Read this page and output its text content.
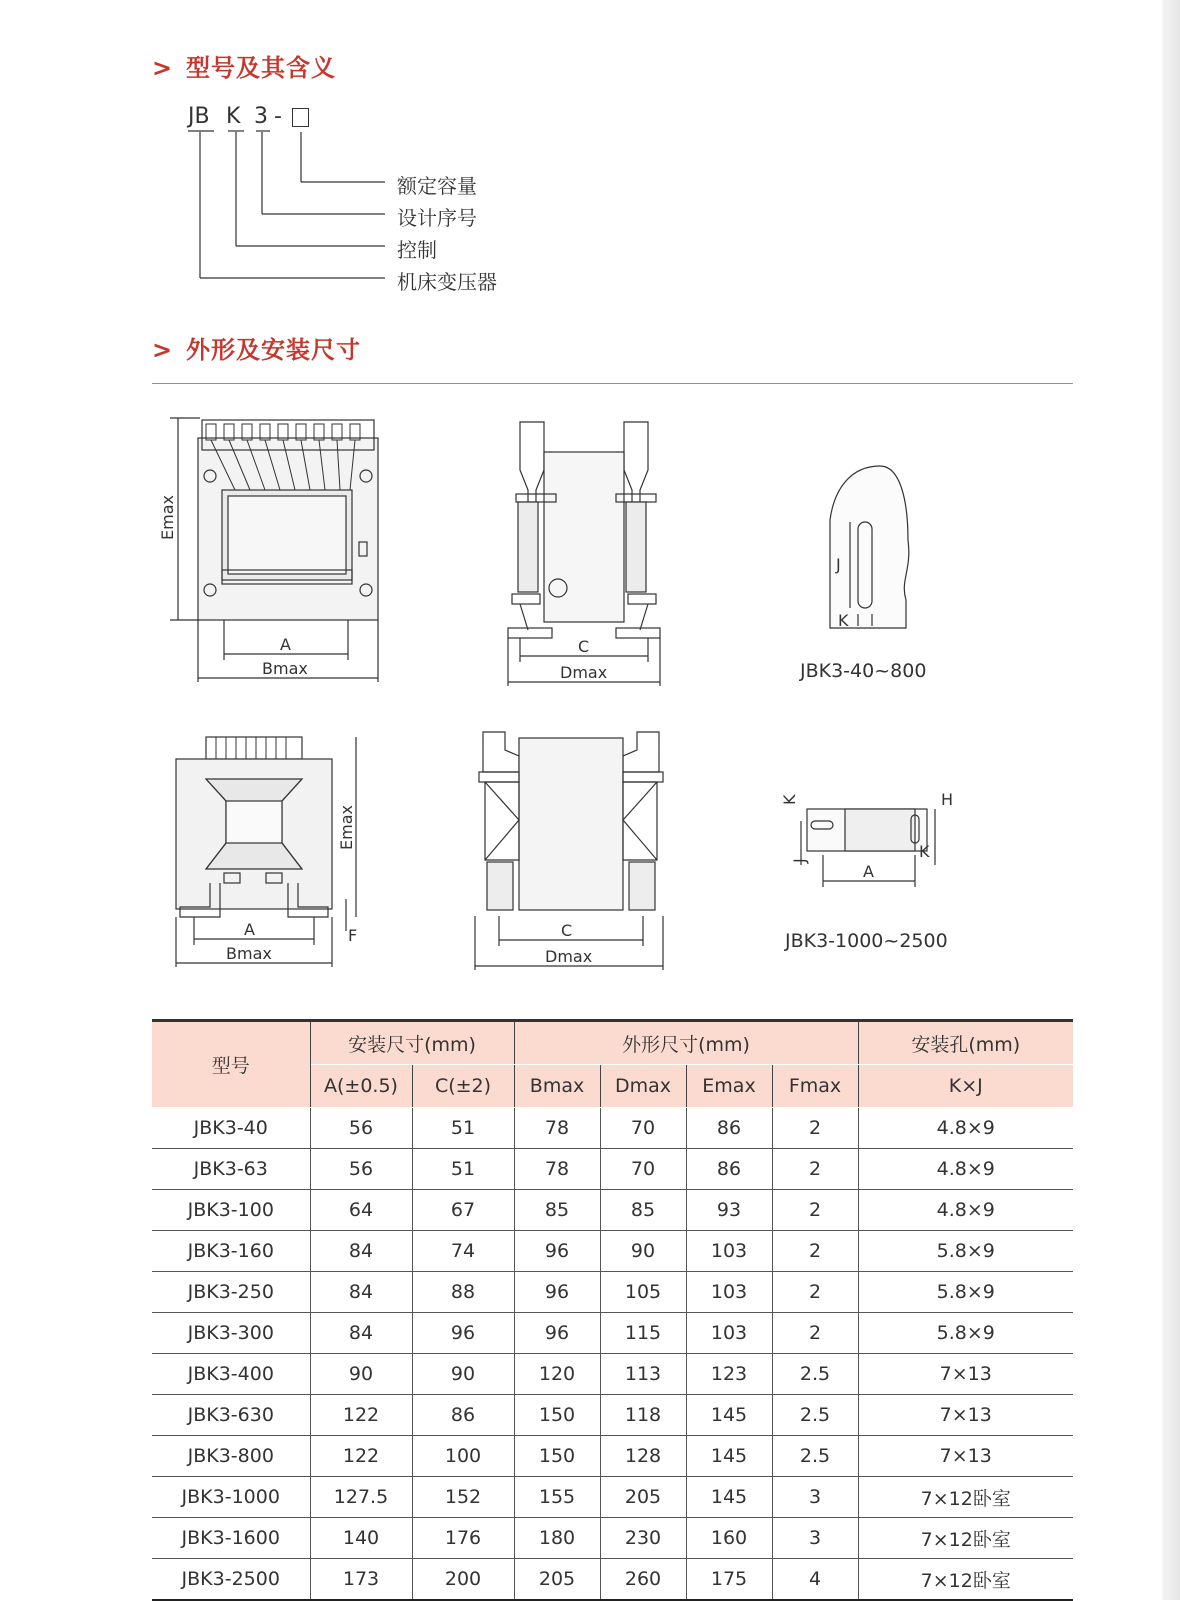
> 型号及其含义
JB K 3 -
额定容量
设计序号
控制
机床变压器
> 外形及安装尺寸
Emax
A
Bmax
C
Dmax
J
K
JBK3-40~800
Emax
A
Bmax
F	C
Dmax
K
J
H
K
A
JBK3-1000~2500
型号	安装尺寸(mm)		外形尺寸(mm)				安装孔(mm)
	A(±0.5)	C(±2)	Bmax	Dmax	Emax	Fmax	K×J
JBK3-40	56	51	78	70	86	2	4.8×9
JBK3-63	56	51	78	70	86	2	4.8×9
JBK3-100	64	67	85	85	93	2	4.8×9
JBK3-160	84	74	96	90	103	2	5.8×9
JBK3-250	84	88	96	105	103	2	5.8×9
JBK3-300	84	96	96	115	103	2	5.8×9
JBK3-400	90	90	120	113	123	2.5	7×13
JBK3-630	122	86	150	118	145	2.5	7×13
JBK3-800	122	100	150	128	145	2.5	7×13
JBK3-1000	127.5	152	155	205	145	3	7×12卧室
JBK3-1600	140	176	180	230	160	3	7×12卧室
JBK3-2500	173	200	205	260	175	4	7×12卧室
